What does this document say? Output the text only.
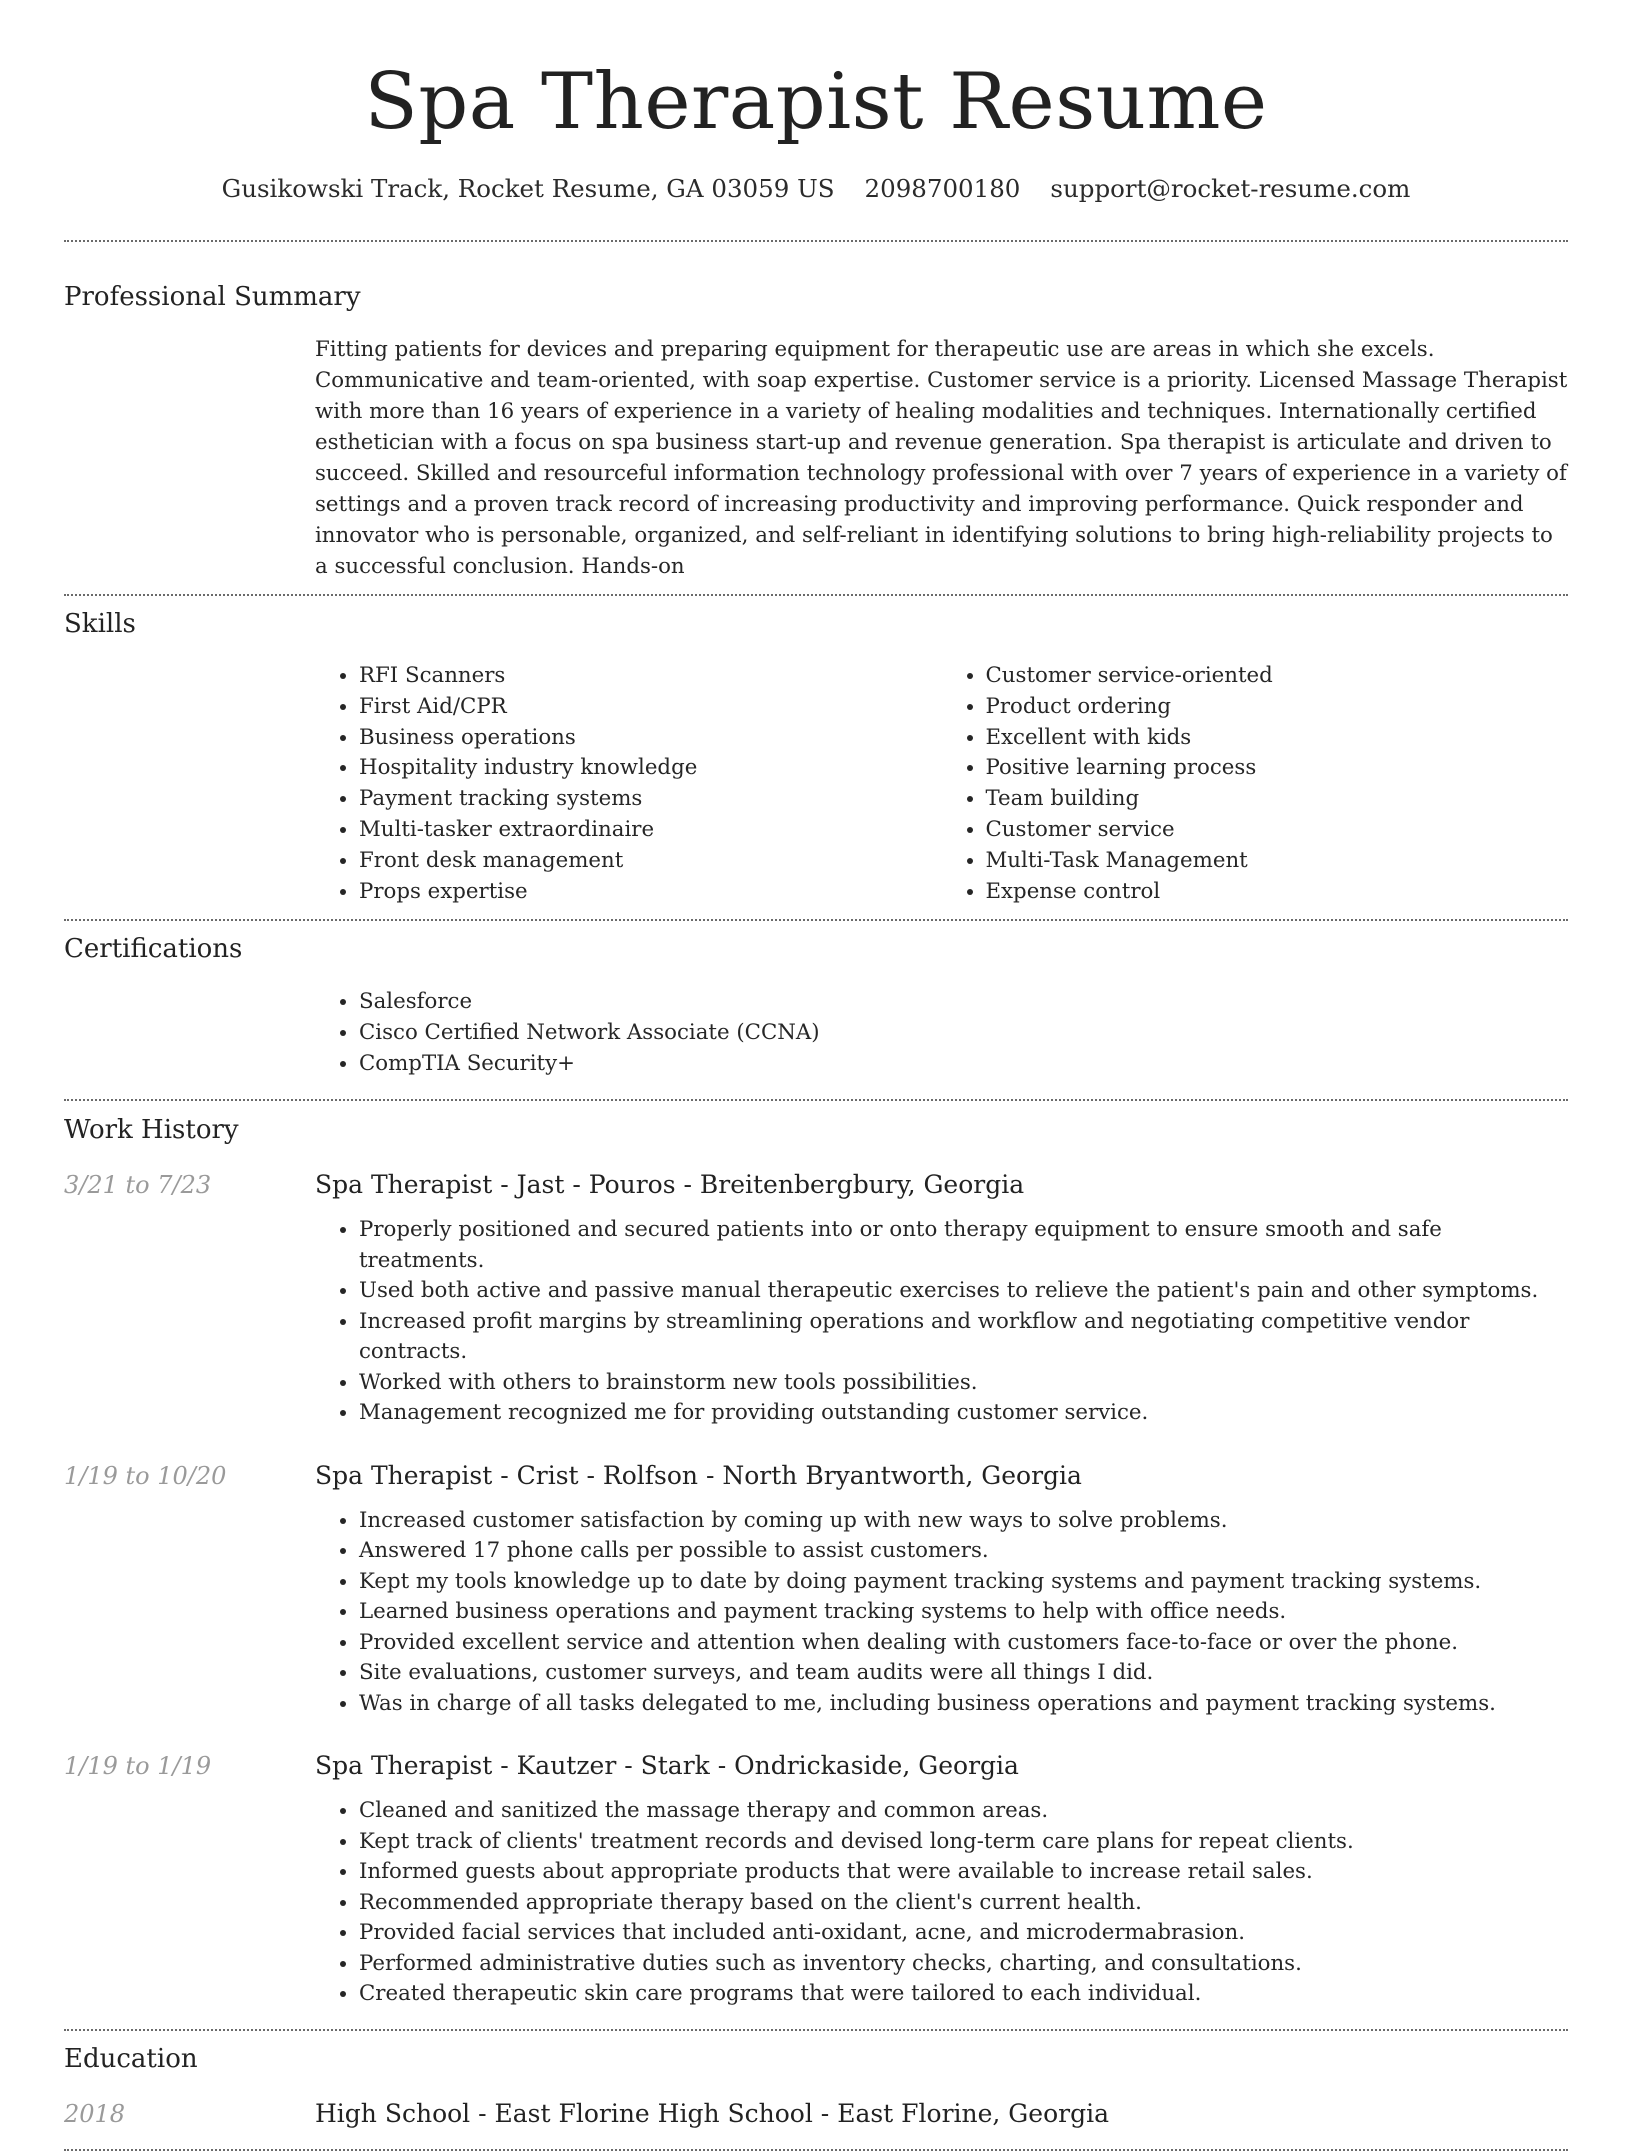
Spa Therapist Resume
Gusikowski Track, Rocket Resume, GA 03059 US 2098700180 support@rocket-resume.com
Professional Summary

Fitting patients for devices and preparing equipment for therapeutic use are areas in which she excels. Communicative and team-oriented, with soap expertise. Customer service is a priority. Licensed Massage Therapist with more than 16 years of experience in a variety of healing modalities and techniques. Internationally certified esthetician with a focus on spa business start-up and revenue generation. Spa therapist is articulate and driven to succeed. Skilled and resourceful information technology professional with over 7 years of experience in a variety of settings and a proven track record of increasing productivity and improving performance. Quick responder and innovator who is personable, organized, and self-reliant in identifying solutions to bring high-reliability projects to a successful conclusion. Hands-on

Skills
• RFI Scanners
• First Aid/CPR
• Business operations
• Hospitality industry knowledge
• Payment tracking systems
• Multi-tasker extraordinaire
• Front desk management
• Props expertise
• Customer service-oriented
• Product ordering
• Excellent with kids
• Positive learning process
• Team building
• Customer service
• Multi-Task Management
• Expense control
Certifications
• Salesforce
• Cisco Certified Network Associate (CCNA)
• CompTIA Security+
Work History
3/21 to 7/23	Spa Therapist - Jast - Pouros - Breitenbergbury, Georgia
• Properly positioned and secured patients into or onto therapy equipment to ensure smooth and safe treatments.
• Used both active and passive manual therapeutic exercises to relieve the patient's pain and other symptoms.
• Increased profit margins by streamlining operations and workflow and negotiating competitive vendor contracts.
• Worked with others to brainstorm new tools possibilities.
• Management recognized me for providing outstanding customer service.
1/19 to 10/20	Spa Therapist - Crist - Rolfson - North Bryantworth, Georgia
• Increased customer satisfaction by coming up with new ways to solve problems.
• Answered 17 phone calls per possible to assist customers.
• Kept my tools knowledge up to date by doing payment tracking systems and payment tracking systems.
• Learned business operations and payment tracking systems to help with office needs.
• Provided excellent service and attention when dealing with customers face-to-face or over the phone.
• Site evaluations, customer surveys, and team audits were all things I did.
• Was in charge of all tasks delegated to me, including business operations and payment tracking systems.
1/19 to 1/19	Spa Therapist - Kautzer - Stark - Ondrickaside, Georgia
• Cleaned and sanitized the massage therapy and common areas.
• Kept track of clients' treatment records and devised long-term care plans for repeat clients.
• Informed guests about appropriate products that were available to increase retail sales.
• Recommended appropriate therapy based on the client's current health.
• Provided facial services that included anti-oxidant, acne, and microdermabrasion.
• Performed administrative duties such as inventory checks, charting, and consultations.
• Created therapeutic skin care programs that were tailored to each individual.
Education
2018	High School - East Florine High School - East Florine, Georgia
